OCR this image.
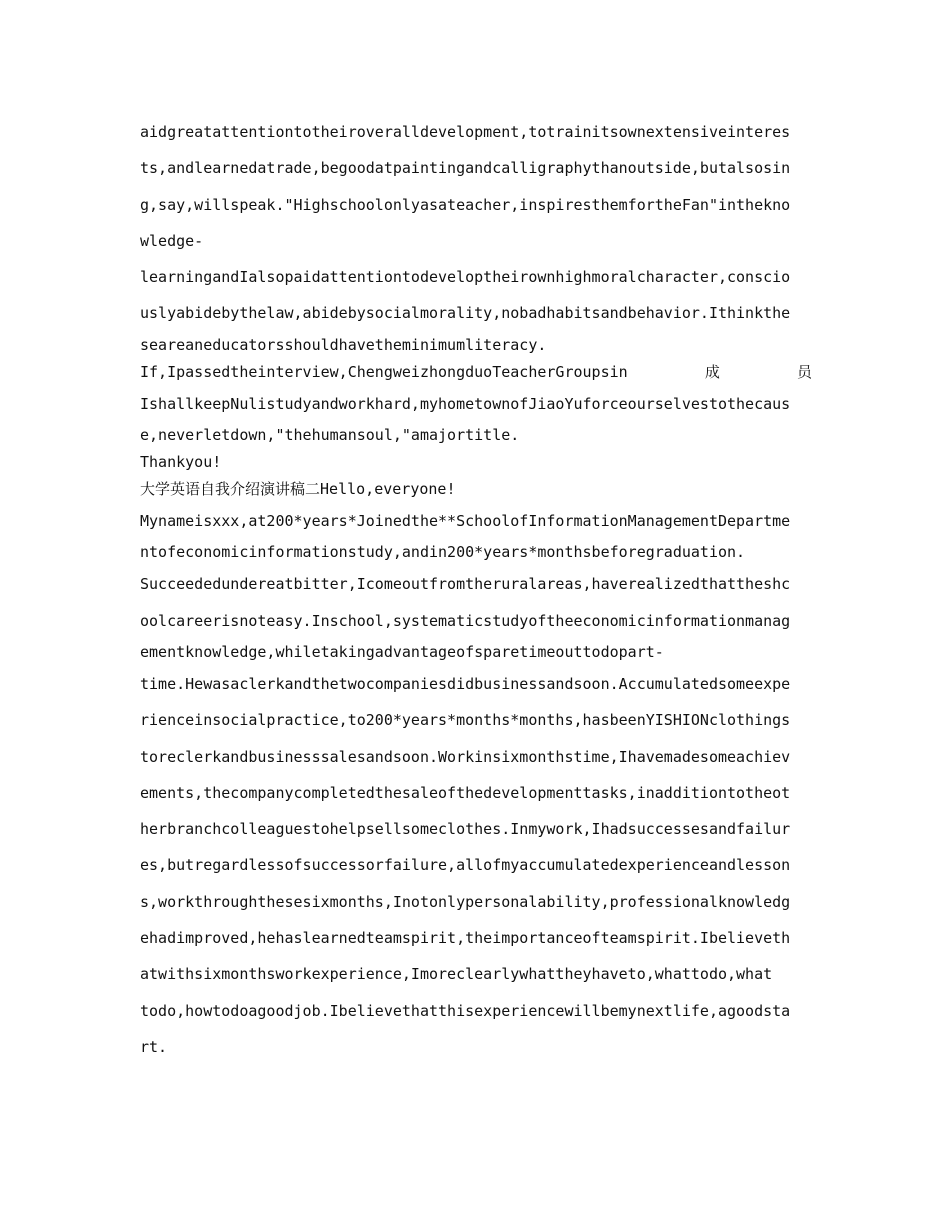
aidgreatattentiontotheiroveralldevelopment,totrainitsownextensiveinteres
ts,andlearnedatrade,begoodatpaintingandcalligraphythanoutside,butalsosin
g,say,willspeak."Highschoolonlyasateacher,inspiresthemfortheFan"inthekno
wledge-
learningandIalsopaidattentiontodeveloptheirownhighmoralcharacter,conscio
uslyabidebythelaw,abidebysocialmorality,nobadhabitsandbehavior.Ithinkthe
seareaneducatorsshouldhavetheminimumliteracy.
If,Ipassedtheinterview,ChengweizhongduoTeacherGroupsin	成	员
IshallkeepNulistudyandworkhard,myhometownofJiaoYuforceourselvestothecaus
e,neverletdown,"thehumansoul,"amajortitle.
Thankyou!
大学英语自我介绍演讲稿二Hello,everyone!
Mynameisxxx,at200*years*Joinedthe**SchoolofInformationManagementDepartme
ntofeconomicinformationstudy,andin200*years*monthsbeforegraduation.
Succeededundereatbitter,Icomeoutfromtheruralareas,haverealizedthattheshc
oolcareerisnoteasy.Inschool,systematicstudyoftheeconomicinformationmanag
ementknowledge,whiletakingadvantageofsparetimeouttodopart-
time.Hewasaclerkandthetwocompaniesdidbusinessandsoon.Accumulatedsomeexpe
rienceinsocialpractice,to200*years*months*months,hasbeenYISHIONclothings
toreclerkandbusinesssalesandsoon.Workinsixmonthstime,Ihavemadesomeachiev
ements,thecompanycompletedthesaleofthedevelopmenttasks,inadditiontotheot
herbranchcolleaguestohelpsellsomeclothes.Inmywork,Ihadsuccessesandfailur
es,butregardlessofsuccessorfailure,allofmyaccumulatedexperienceandlesson
s,workthroughthesesixmonths,Inotonlypersonalability,professionalknowledg
ehadimproved,hehaslearnedteamspirit,theimportanceofteamspirit.Ibelieveth
atwithsixmonthsworkexperience,Imoreclearlywhattheyhaveto,whattodo,what
todo,howtodoagoodjob.Ibelievethatthisexperiencewillbemynextlife,agoodsta
rt.
